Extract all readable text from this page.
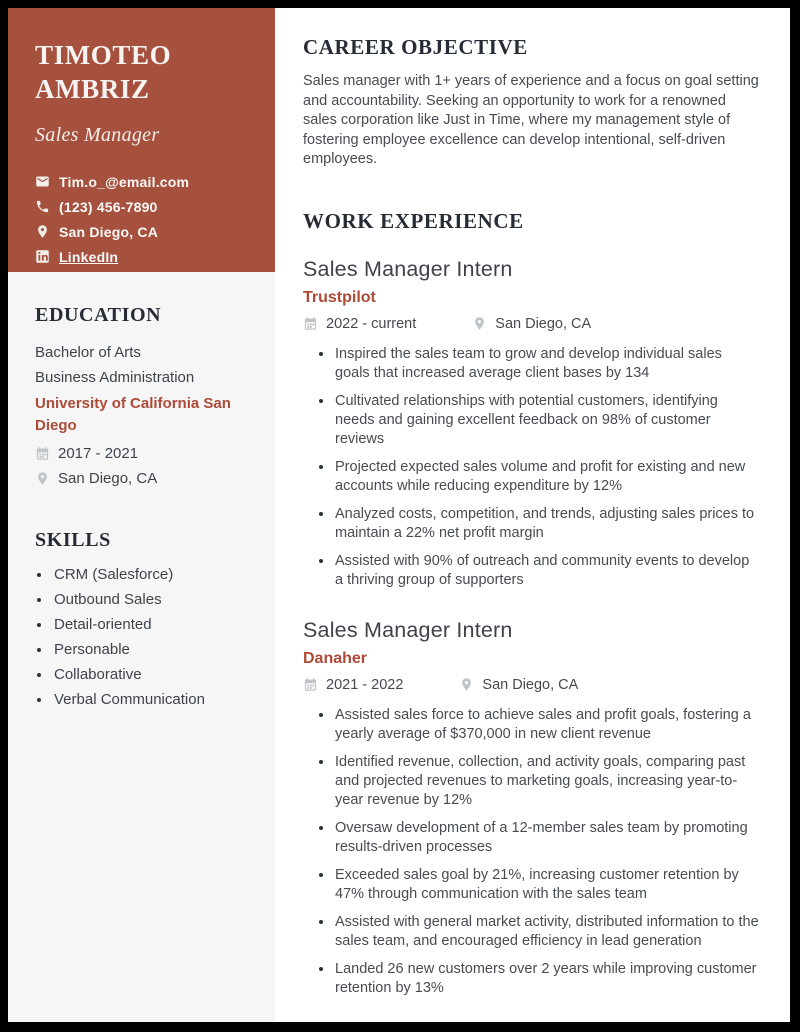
TIMOTEO AMBRIZ
Sales Manager
Tim.o_@email.com
(123) 456-7890
San Diego, CA
LinkedIn
EDUCATION
Bachelor of Arts
Business Administration
University of California San Diego
2017 - 2021
San Diego, CA
SKILLS
• CRM (Salesforce)
• Outbound Sales
• Detail-oriented
• Personable
• Collaborative
• Verbal Communication
CAREER OBJECTIVE

Sales manager with 1+ years of experience and a focus on goal setting and accountability. Seeking an opportunity to work for a renowned sales corporation like Just in Time, where my management style of fostering employee excellence can develop intentional, self-driven employees.

WORK EXPERIENCE
Sales Manager Intern
Trustpilot
2022 - current	San Diego, CA
• Inspired the sales team to grow and develop individual sales goals that increased average client bases by 134
• Cultivated relationships with potential customers, identifying needs and gaining excellent feedback on 98% of customer reviews
• Projected expected sales volume and profit for existing and new accounts while reducing expenditure by 12%
• Analyzed costs, competition, and trends, adjusting sales prices to maintain a 22% net profit margin
• Assisted with 90% of outreach and community events to develop a thriving group of supporters
Sales Manager Intern
Danaher
2021 - 2022	San Diego, CA
• Assisted sales force to achieve sales and profit goals, fostering a yearly average of $370,000 in new client revenue
• Identified revenue, collection, and activity goals, comparing past and projected revenues to marketing goals, increasing year-to-year revenue by 12%
• Oversaw development of a 12-member sales team by promoting results-driven processes
• Exceeded sales goal by 21%, increasing customer retention by 47% through communication with the sales team
• Assisted with general market activity, distributed information to the sales team, and encouraged efficiency in lead generation
• Landed 26 new customers over 2 years while improving customer retention by 13%
